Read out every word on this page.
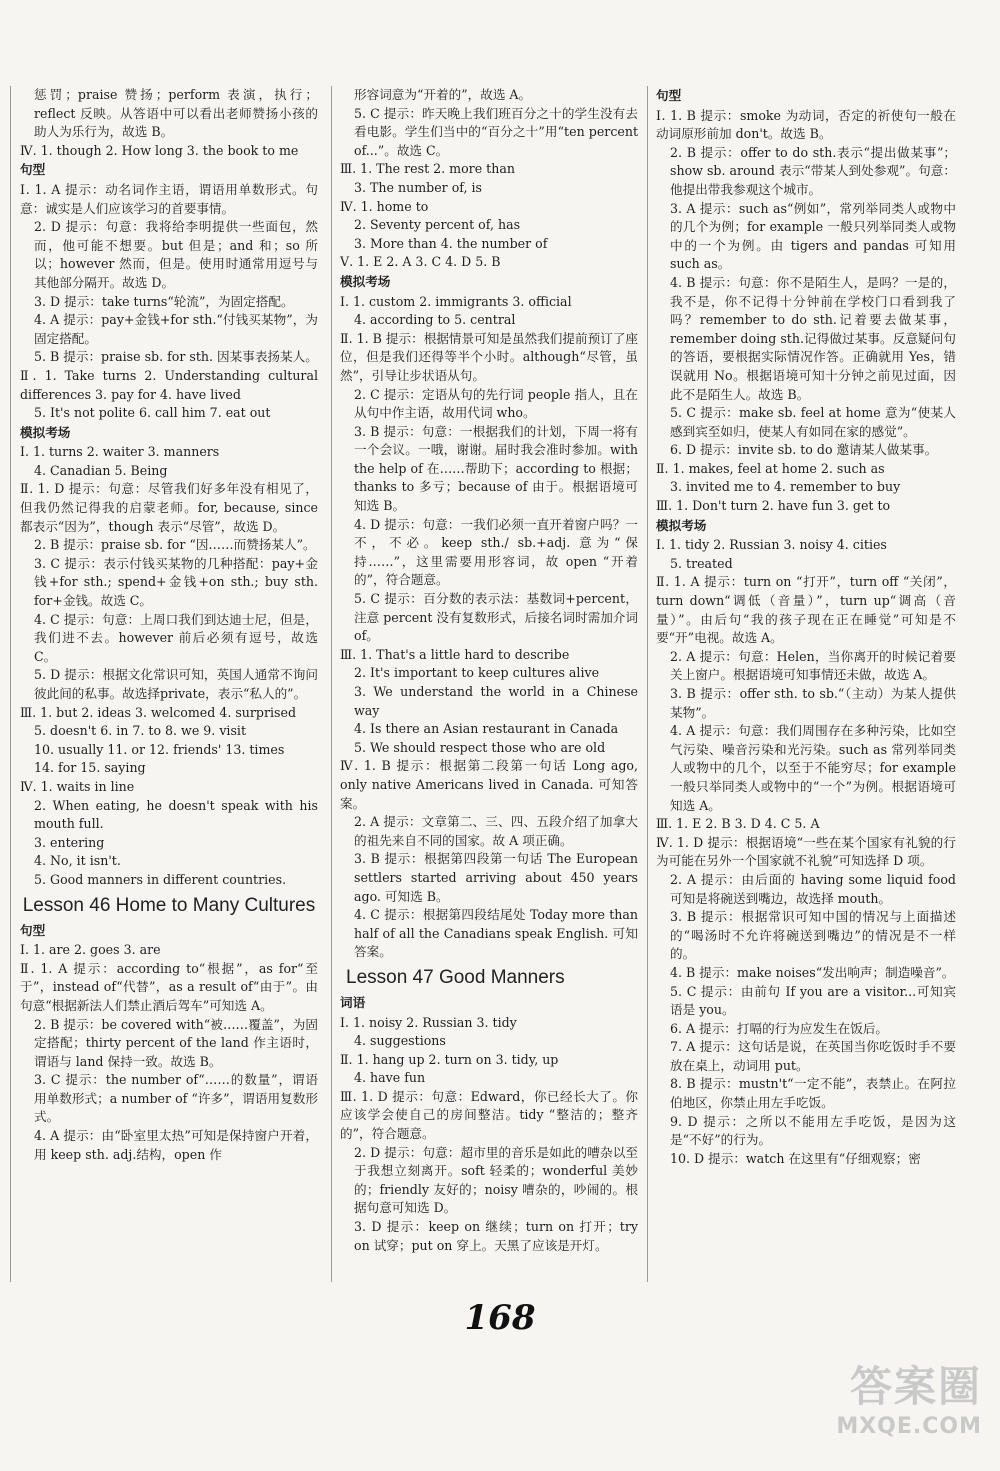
惩罚；praise 赞扬；perform 表演，执行；reflect 反映。从答语中可以看出老师赞扬小孩的助人为乐行为，故选 B。

Ⅳ. 1. though 2. How long 3. the book to me

句型

Ⅰ. 1. A 提示：动名词作主语，谓语用单数形式。句意：诚实是人们应该学习的首要事情。

2. D 提示：句意：我将给李明提供一些面包，然而，他可能不想要。but 但是；and 和；so 所以；however 然而，但是。使用时通常用逗号与其他部分隔开。故选 D。

3. D 提示：take turns“轮流”，为固定搭配。

4. A 提示：pay+金钱+for sth.“付钱买某物”，为固定搭配。

5. B 提示：praise sb. for sth. 因某事表扬某人。

Ⅱ. 1. Take turns 2. Understanding cultural differences 3. pay for 4. have lived

5. It's not polite 6. call him 7. eat out

模拟考场

Ⅰ. 1. turns 2. waiter 3. manners

4. Canadian 5. Being

Ⅱ. 1. D 提示：句意：尽管我们好多年没有相见了，但我仍然记得我的启蒙老师。for, because, since 都表示“因为”，though 表示“尽管”，故选 D。

2. B 提示：praise sb. for “因……而赞扬某人”。

3. C 提示：表示付钱买某物的几种搭配：pay+金钱+for sth.; spend+金钱+on sth.; buy sth. for+金钱。故选 C。

4. C 提示：句意：上周口我们到达迪士尼，但是，我们进不去。however 前后必须有逗号，故选 C。

5. D 提示：根据文化常识可知，英国人通常不询问彼此间的私事。故选择private，表示“私人的”。

Ⅲ. 1. but 2. ideas 3. welcomed 4. surprised

5. doesn't 6. in 7. to 8. we 9. visit

10. usually 11. or 12. friends' 13. times

14. for 15. saying

Ⅳ. 1. waits in line

2. When eating, he doesn't speak with his mouth full.

3. entering

4. No, it isn't.

5. Good manners in different countries.

Lesson 46 Home to Many Cultures

句型

Ⅰ. 1. are 2. goes 3. are

Ⅱ. 1. A 提示：according to“根据”，as for“至于”，instead of“代替”，as a result of“由于”。由句意“根据新法人们禁止酒后驾车”可知选 A。

2. B 提示：be covered with“被……覆盖”，为固定搭配；thirty percent of the land 作主语时，谓语与 land 保持一致。故选 B。

3. C 提示：the number of“……的数量”，谓语用单数形式；a number of “许多”，谓语用复数形式。

4. A 提示：由“卧室里太热”可知是保持窗户开着，用 keep sth. adj.结构，open 作

形容词意为“开着的”，故选 A。

5. C 提示：昨天晚上我们班百分之十的学生没有去看电影。学生们当中的“百分之十”用“ten percent of...”。故选 C。

Ⅲ. 1. The rest 2. more than

3. The number of, is

Ⅳ. 1. home to

2. Seventy percent of, has

3. More than 4. the number of

Ⅴ. 1. E 2. A 3. C 4. D 5. B

模拟考场

Ⅰ. 1. custom 2. immigrants 3. official

4. according to 5. central

Ⅱ. 1. B 提示：根据情景可知是虽然我们提前预订了座位，但是我们还得等半个小时。although“尽管，虽然”，引导让步状语从句。

2. C 提示：定语从句的先行词 people 指人，且在从句中作主语，故用代词 who。

3. B 提示：句意：一根据我们的计划，下周一将有一个会议。一哦，谢谢。届时我会准时参加。with the help of 在……帮助下；according to 根据；thanks to 多亏；because of 由于。根据语境可知选 B。

4. D 提示：句意：一我们必须一直开着窗户吗？一不，不必。keep sth./ sb.+adj. 意为“保持……”，这里需要用形容词，故 open “开着的”，符合题意。

5. C 提示：百分数的表示法：基数词+percent，注意 percent 没有复数形式，后接名词时需加介词 of。

Ⅲ. 1. That's a little hard to describe

2. It's important to keep cultures alive

3. We understand the world in a Chinese way

4. Is there an Asian restaurant in Canada

5. We should respect those who are old

Ⅳ. 1. B 提示：根据第二段第一句话 Long ago, only native Americans lived in Canada. 可知答案。

2. A 提示：文章第二、三、四、五段介绍了加拿大的祖先来自不同的国家。故 A 项正确。

3. B 提示：根据第四段第一句话 The European settlers started arriving about 450 years ago. 可知选 B。

4. C 提示：根据第四段结尾处 Today more than half of all the Canadians speak English. 可知答案。

Lesson 47 Good Manners

词语

Ⅰ. 1. noisy 2. Russian 3. tidy

4. suggestions

Ⅱ. 1. hang up 2. turn on 3. tidy, up

4. have fun

Ⅲ. 1. D 提示：句意：Edward，你已经长大了。你应该学会使自己的房间整洁。tidy “整洁的；整齐的”，符合题意。

2. D 提示：句意：超市里的音乐是如此的嘈杂以至于我想立刻离开。soft 轻柔的；wonderful 美妙的；friendly 友好的；noisy 嘈杂的，吵闹的。根据句意可知选 D。

3. D 提示：keep on 继续；turn on 打开；try on 试穿；put on 穿上。天黑了应该是开灯。

句型

Ⅰ. 1. B 提示：smoke 为动词，否定的祈使句一般在动词原形前加 don't。故选 B。

2. B 提示：offer to do sth.表示“提出做某事”；show sb. around 表示“带某人到处参观”。句意：他提出带我参观这个城市。

3. A 提示：such as“例如”，常列举同类人或物中的几个为例；for example 一般只列举同类人或物中的一个为例。由 tigers and pandas 可知用 such as。

4. B 提示：句意：你不是陌生人，是吗？一是的，我不是，你不记得十分钟前在学校门口看到我了吗？remember to do sth.记着要去做某事，remember doing sth.记得做过某事。反意疑问句的答语，要根据实际情况作答。正确就用 Yes，错误就用 No。根据语境可知十分钟之前见过面，因此不是陌生人。故选 B。

5. C 提示：make sb. feel at home 意为“使某人感到宾至如归，使某人有如同在家的感觉”。

6. D 提示：invite sb. to do 邀请某人做某事。

Ⅱ. 1. makes, feel at home 2. such as

3. invited me to 4. remember to buy

Ⅲ. 1. Don't turn 2. have fun 3. get to

模拟考场

Ⅰ. 1. tidy 2. Russian 3. noisy 4. cities

5. treated

Ⅱ. 1. A 提示：turn on “打开”，turn off “关闭”，turn down“调低（音量）”，turn up“调高（音量）”。由后句“我的孩子现在正在睡觉”可知是不要“开”电视。故选 A。

2. A 提示：句意：Helen，当你离开的时候记着要关上窗户。根据语境可知事情还未做，故选 A。

3. B 提示：offer sth. to sb.“（主动）为某人提供某物”。

4. A 提示：句意：我们周围存在多种污染，比如空气污染、噪音污染和光污染。such as 常列举同类人或物中的几个，以至于不能穷尽；for example 一般只举同类人或物中的“一个”为例。根据语境可知选 A。

Ⅲ. 1. E 2. B 3. D 4. C 5. A

Ⅳ. 1. D 提示：根据语境“一些在某个国家有礼貌的行为可能在另外一个国家就不礼貌”可知选择 D 项。

2. A 提示：由后面的 having some liquid food 可知是将碗送到嘴边，故选择 mouth。

3. B 提示：根据常识可知中国的情况与上面描述的“喝汤时不允许将碗送到嘴边”的情况是不一样的。

4. B 提示：make noises“发出响声；制造噪音”。

5. C 提示：由前句 If you are a visitor...可知宾语是 you。

6. A 提示：打嗝的行为应发生在饭后。

7. A 提示：这句话是说，在英国当你吃饭时手不要放在桌上，动词用 put。

8. B 提示：mustn't“一定不能”，表禁止。在阿拉伯地区，你禁止用左手吃饭。

9. D 提示：之所以不能用左手吃饭，是因为这是“不好”的行为。

10. D 提示：watch 在这里有“仔细观察；密

168
答案圈
MXQE.COM
